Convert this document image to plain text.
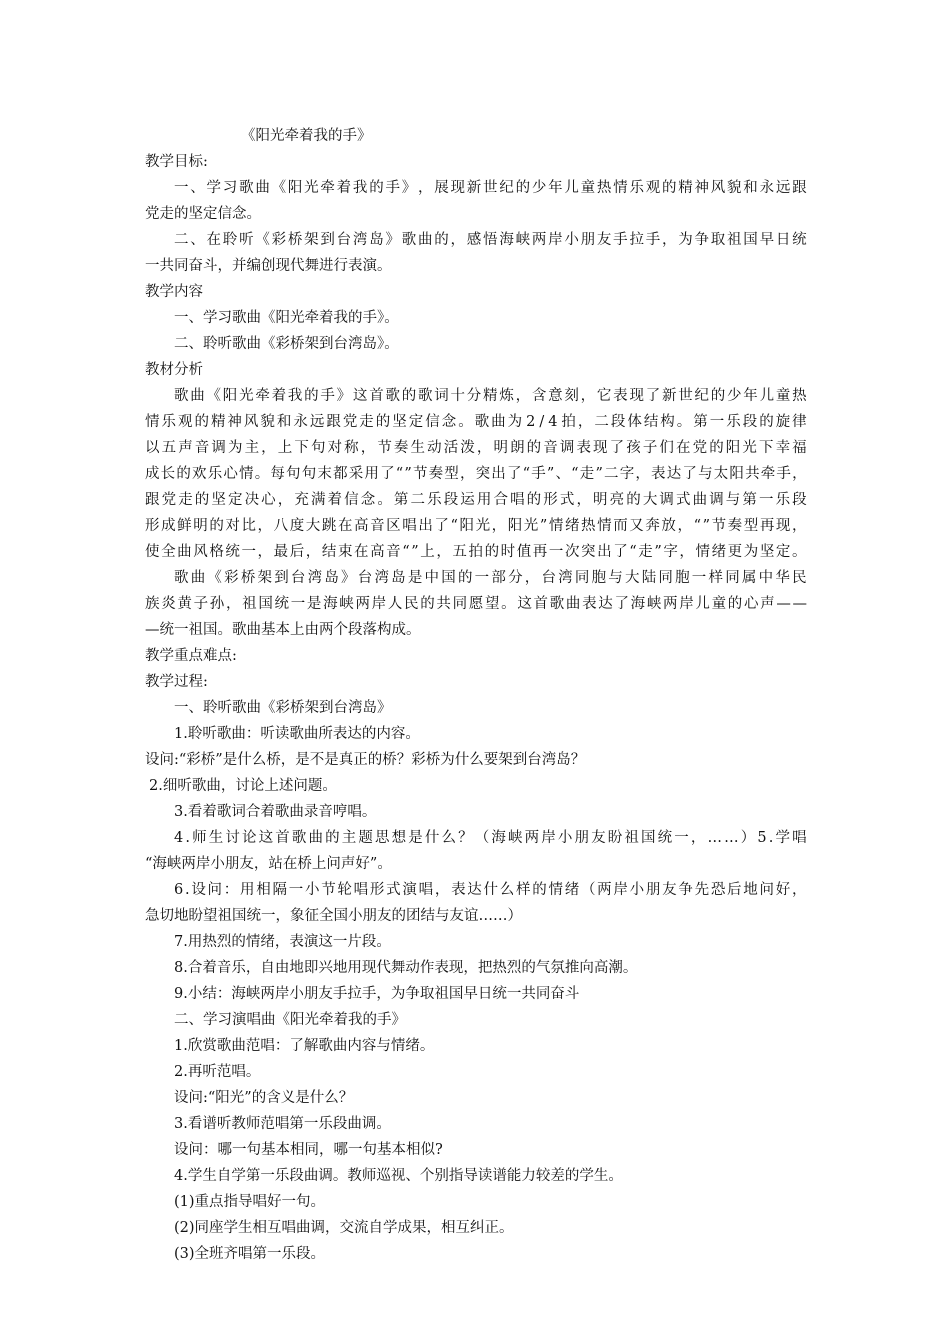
《阳光牵着我的手》
教学目标:
一 、 学 习 歌 曲 《 阳 光 牵 着 我 的 手 》 ， 展 现 新 世 纪 的 少 年 儿 童 热 情 乐 观 的 精 神 风 貌 和 永 远 跟
党走的坚定信念。
二 、 在 聆 听 《 彩 桥 架 到 台 湾 岛 》 歌 曲 的 ， 感 悟 海 峡 两 岸 小 朋 友 手 拉 手 ， 为 争 取 祖 国 早 日 统
一共同奋斗，并编创现代舞进行表演。
教学内容
一、学习歌曲《阳光牵着我的手》。
二、聆听歌曲《彩桥架到台湾岛》。
教材分析
歌 曲 《 阳 光 牵 着 我 的 手 》 这 首 歌 的 歌 词 十 分 精 炼 ， 含 意 刻 ， 它 表 现 了 新 世 纪 的 少 年 儿 童 热
情 乐 观 的 精 神 风 貌 和 永 远 跟 党 走 的 坚 定 信 念 。 歌 曲 为 2 / 4 拍 ， 二 段 体 结 构 。 第 一 乐 段 的 旋 律
以 五 声 音 调 为 主 ， 上 下 句 对 称 ， 节 奏 生 动 活 泼 ， 明 朗 的 音 调 表 现 了 孩 子 们 在 党 的 阳 光 下 幸 福
成 长 的 欢 乐 心 情 。 每 句 句 末 都 采 用 了 “ ” 节 奏 型 ， 突 出 了 “ 手 ” 、 “ 走 ” 二 字 ， 表 达 了 与 太 阳 共 牵 手 ，
跟 党 走 的 坚 定 决 心 ， 充 满 着 信 念 。 第 二 乐 段 运 用 合 唱 的 形 式 ， 明 亮 的 大 调 式 曲 调 与 第 一 乐 段
形 成 鲜 明 的 对 比 ， 八 度 大 跳 在 高 音 区 唱 出 了 “ 阳 光 ， 阳 光 ” 情 绪 热 情 而 又 奔 放 ， “ ” 节 奏 型 再 现 ，
使 全 曲 风 格 统 一 ， 最 后 ， 结 束 在 高 音 “ ” 上 ， 五 拍 的 时 值 再 一 次 突 出 了 “ 走 ” 字 ， 情 绪 更 为 坚 定 。
歌 曲 《 彩 桥 架 到 台 湾 岛 》 台 湾 岛 是 中 国 的 一 部 分 ， 台 湾 同 胞 与 大 陆 同 胞 一 样 同 属 中 华 民
族 炎 黄 子 孙 ， 祖 国 统 一 是 海 峡 两 岸 人 民 的 共 同 愿 望 。 这 首 歌 曲 表 达 了 海 峡 两 岸 儿 童 的 心 声 — —
—统一祖国。歌曲基本上由两个段落构成。
教学重点难点:
教学过程:
一、聆听歌曲《彩桥架到台湾岛》
1.聆听歌曲：听读歌曲所表达的内容。
设问:“彩桥”是什么桥，是不是真正的桥？彩桥为什么要架到台湾岛？
2.细听歌曲，讨论上述问题。
3.看着歌词合着歌曲录音哼唱。
4 . 师 生 讨 论 这 首 歌 曲 的 主 题 思 想 是 什 么 ？ （ 海 峡 两 岸 小 朋 友 盼 祖 国 统 一 ， … … ） 5 . 学 唱
“海峡两岸小朋友，站在桥上问声好”。
6 . 设 问 ： 用 相 隔 一 小 节 轮 唱 形 式 演 唱 ， 表 达 什 么 样 的 情 绪 （ 两 岸 小 朋 友 争 先 恐 后 地 问 好 ，
急切地盼望祖国统一，象征全国小朋友的团结与友谊……）
7.用热烈的情绪，表演这一片段。
8.合着音乐，自由地即兴地用现代舞动作表现，把热烈的气氛推向高潮。
9.小结：海峡两岸小朋友手拉手，为争取祖国早日统一共同奋斗
二、学习演唱曲《阳光牵着我的手》
1.欣赏歌曲范唱：了解歌曲内容与情绪。
2.再听范唱。
设问:“阳光”的含义是什么？
3.看谱听教师范唱第一乐段曲调。
设问：哪一句基本相同，哪一句基本相似?
4.学生自学第一乐段曲调。教师巡视、个别指导读谱能力较差的学生。
(1)重点指导唱好一句。
(2)同座学生相互唱曲调，交流自学成果，相互纠正。
(3)全班齐唱第一乐段。
